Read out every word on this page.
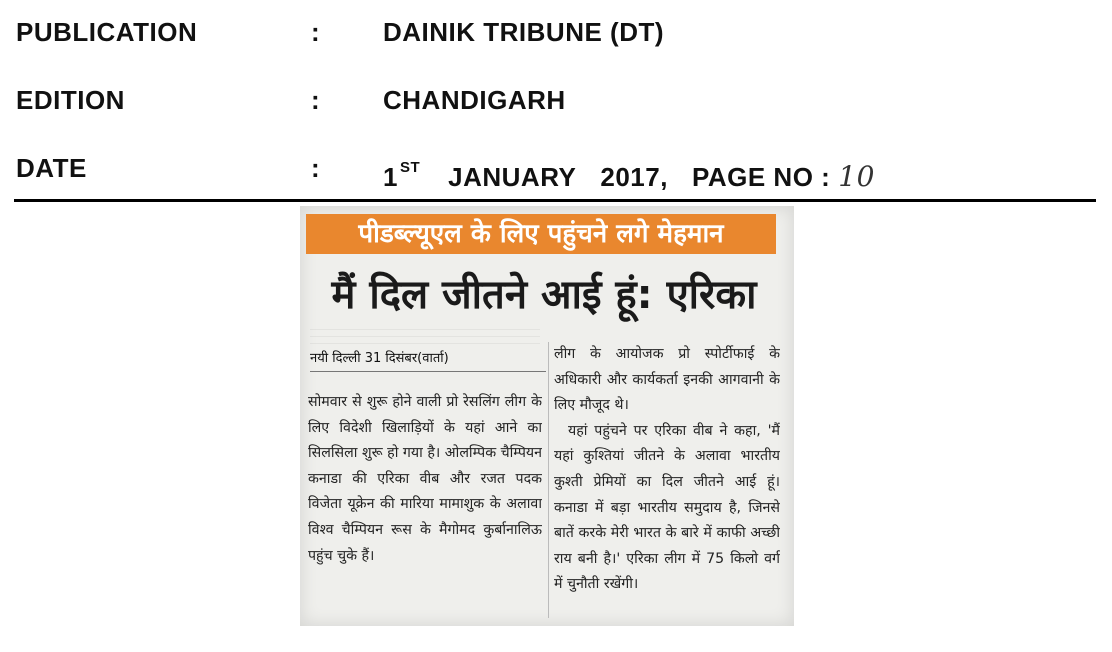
PUBLICATION	: DAINIK TRIBUNE (DT)
EDITION	: CHANDIGARH
DATE	: 1 $^{ST}$ JANUARY 2017, PAGE NO : 10
पीडब्ल्यूएल के लिए पहुंचने लगे मेहमान
मैं दिल जीतने आई हूं: एरिका
नयी दिल्ली 31 दिसंबर(वार्ता)

सोमवार से शुरू होने वाली प्रो रेसलिंग लीग के लिए विदेशी खिलाड़ियों के यहां आने का सिलसिला शुरू हो गया है। ओलम्पिक चैम्पियन कनाडा की एरिका वीब और रजत पदक विजेता यूक्रेन की मारिया मामाशुक के अलावा विश्व चैम्पियन रूस के मैगोमद कुर्बानालिऊ पहुंच चुके हैं।

लीग के आयोजक प्रो स्पोर्टीफाई के अधिकारी और कार्यकर्ता इनकी आगवानी के लिए मौजूद थे।

यहां पहुंचने पर एरिका वीब ने कहा, 'मैं यहां कुश्तियां जीतने के अलावा भारतीय कुश्ती प्रेमियों का दिल जीतने आई हूं। कनाडा में बड़ा भारतीय समुदाय है, जिनसे बातें करके मेरी भारत के बारे में काफी अच्छी राय बनी है।' एरिका लीग में 75 किलो वर्ग में चुनौती रखेंगी।
